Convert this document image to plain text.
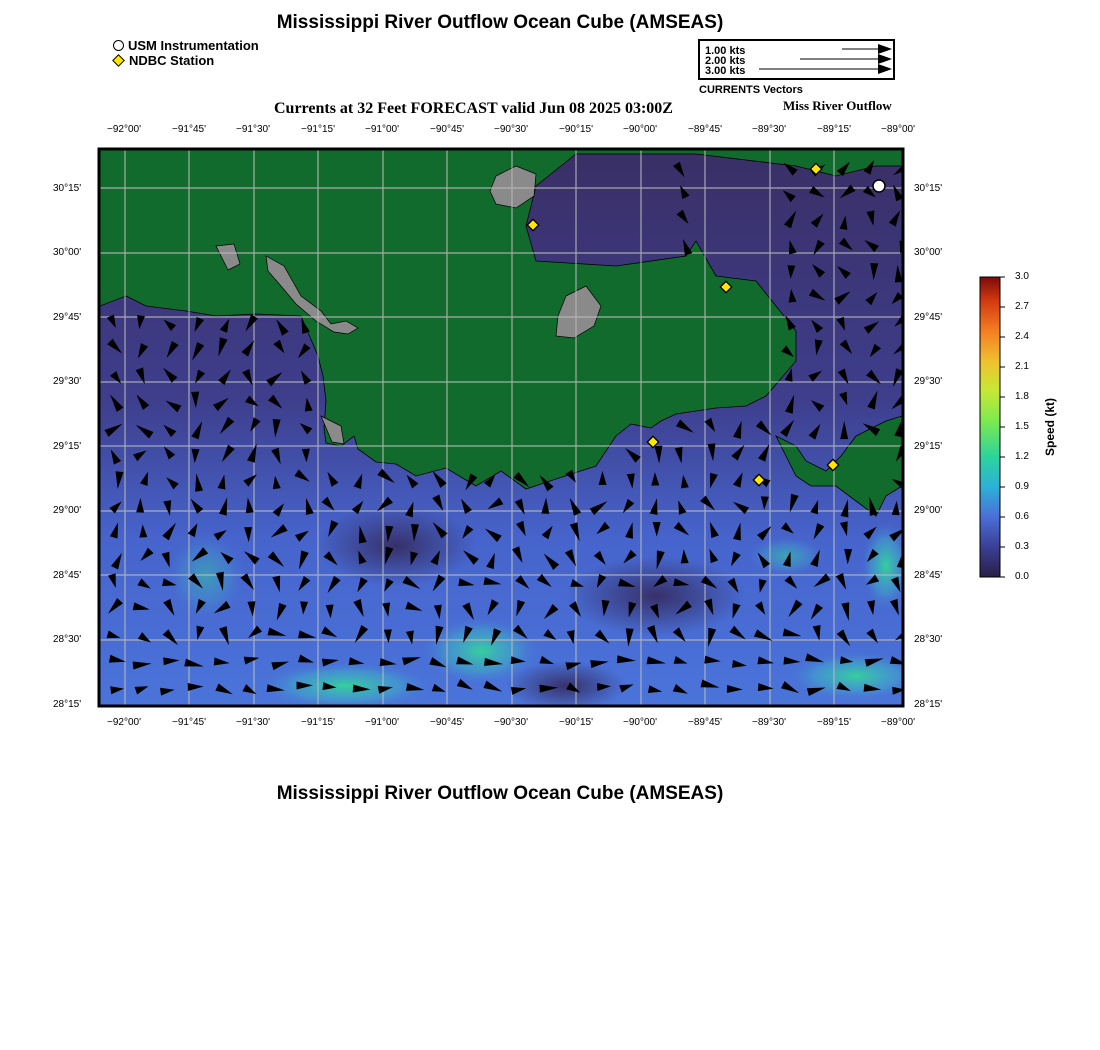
Mississippi River Outflow Ocean Cube (AMSEAS)
USM Instrumentation
NDBC Station
1.00 kts
2.00 kts
3.00 kts
CURRENTS Vectors
Currents at 32 Feet FORECAST valid Jun 08 2025 03:00Z	Miss River Outflow
−92°00'	−91°45'	−91°30'	−91°15'	−91°00'	−90°45'	−90°30'	−90°15'	−90°00'	−89°45'	−89°30'	−89°15'	−89°00'
−92°00'	−91°45'	−91°30'	−91°15'	−91°00'	−90°45'	−90°30'	−90°15'	−90°00'	−89°45'	−89°30'	−89°15'	−89°00'
30°15'
30°00'
29°45'
29°30'
29°15'
29°00'
28°45'
28°30'
28°15'
30°15'
30°00'
29°45'
29°30'
29°15'
29°00'
28°45'
28°30'
28°15'
3.0
2.7
2.4
2.1
1.8
1.5
1.2
0.9
0.6
0.3
0.0
Speed (kt)
Mississippi River Outflow Ocean Cube (AMSEAS)
